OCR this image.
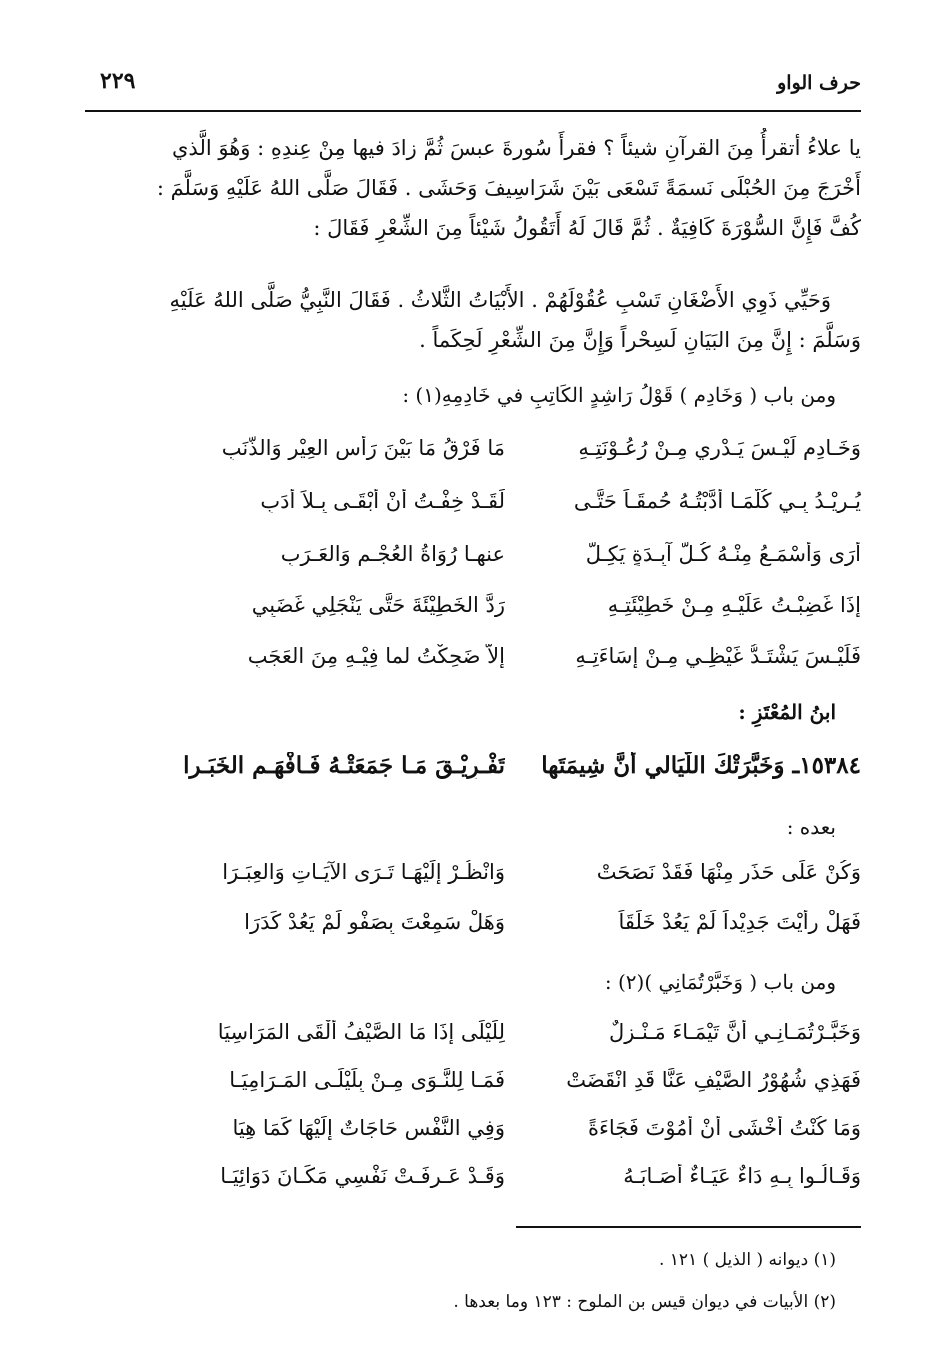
حرف الواو
٢٢٩
يا علاءُ أتقرأُ مِنَ القرآنِ شيئاً ؟ فقرأَ سُورةَ عبسَ ثُمَّ زادَ فيها مِنْ عِندِهِ : وَهُوَ الَّذي
أَخْرَجَ مِنَ الحُبْلَى نَسمَةً تَسْعَى بَيْنَ شَرَاسِيفَ وَحَشَى . فَقَالَ صَلَّى اللهُ عَلَيْهِ وَسَلَّمَ :
كُفَّ فَإِنَّ السُّوْرَةَ كَافِيَةٌ . ثُمَّ قَالَ لَهُ أَتَقُولُ شَيْئاً مِنَ الشِّعْرِ فَقَالَ :
وَحَيِّي ذَوِي الأَضْغَانِ تَسْبِ عُقُوْلَهُمْ . الأَبْيَاتُ الثَّلاثُ . فَقَالَ النَّبِيُّ صَلَّى اللهُ عَلَيْهِ
وَسَلَّمَ : إِنَّ مِنَ البَيَانِ لَسِحْراً وَإِنَّ مِنَ الشِّعْرِ لَحِكَماً .
ومن باب ( وَخَادِم ) قَوْلُ رَاشِدٍ الكَاتِبِ في خَادِمِهِ(١) :
وَخَـادِمٍ لَيْـسَ يَـدْرِي مِـنْ رُعُـوْنَتِـهِ
مَا فَرْقُ مَا بَيْنَ رَأْسِ العِيْرِ وَالذَّنَبِ
يُـرِيْـدُ بِـي كُلَّمَـا أَدَّبْتُـهُ حُمقَـاً حَتَّـى
لَقَـدْ خِفْـتُ أَنْ أَبْقَـى بِـلاَ أَدَبِ
أَرَى وَأَسْمَـعُ مِنْـهُ كُـلَّ آبِـدَةٍ يَكِـلُّ
عنهـا رُوَاةُ العُجْـمِ وَالعَـرَبِ
إِذَا غَضِبْـتُ عَلَيْـهِ مِـنْ خَطِيْئَتِـهِ
رَدَّ الخَطِيْئَةَ حَتَّى يَنْجَلِي غَضَبِي
فَلَيْـسَ يَشْتَـدُّ غَيْظِـي مِـنْ إِسَاءَتِـهِ
إِلاَّ ضَحِكْتُ لما فِيْـهِ مِنَ العَجَبِ
ابنُ المُعْتَزِ :
١٥٣٨٤ـ وَخَبَّرَتْكَ اللَّيَالي أَنَّ شِيمَتَها
تَفْـرِيْـقَ مَـا جَمَعَتْـهُ فَـافْهَـمِ الخَبَـرا
بعده :
وَكُنْ عَلَى حَذَرٍ مِنْهَا فَقَدْ نَصَحَتْ
وَانْظُـرْ إِلَيْهَـا تَـرَى الآيَـاتِ وَالعِبَـرَا
فَهَلْ رأَيْتَ جَدِيْداً لَمْ يَعُدْ خَلَقَاً
وَهَلْ سَمِعْتَ بِصَفْوٍ لَمْ يَعُدْ كَدَرَا
ومن باب ( وَخَبَّرْتُمَانِي )(٢) :
وَخَبَّـرْتُمَـانِـي أَنَّ تَيْمَـاءَ مَـنْـزِلٌ
لِلَيْلَى إِذَا مَا الصَّيْفُ أَلْقَى المَرَاسِيَا
فَهَذِي شُهُوْرُ الصَّيْفِ عَنَّا قَدِ انْقَضَتْ
فَمَـا لِلنَّـوَى مِـنْ بِلَيْلَـى المَـرَامِيَـا
وَمَا كُنْتُ أَخْشَى أَنْ أَمُوْتَ فَجَاءَةً
وَفِي النَّفْسِ حَاجَاتٌ إِلَيْهَا كَمَا هِيَا
وَقَـالُـوا بِـهِ دَاءٌ عَيَـاءٌ أَصَـابَـهُ
وَقَـدْ عَـرِفَـتْ نَفْسِي مَكَـانَ دَوَائِيَـا
(١) ديوانه ( الذيل ) ١٢١ .
(٢) الأبيات في ديوان قيس بن الملوح : ١٢٣ وما بعدها .
